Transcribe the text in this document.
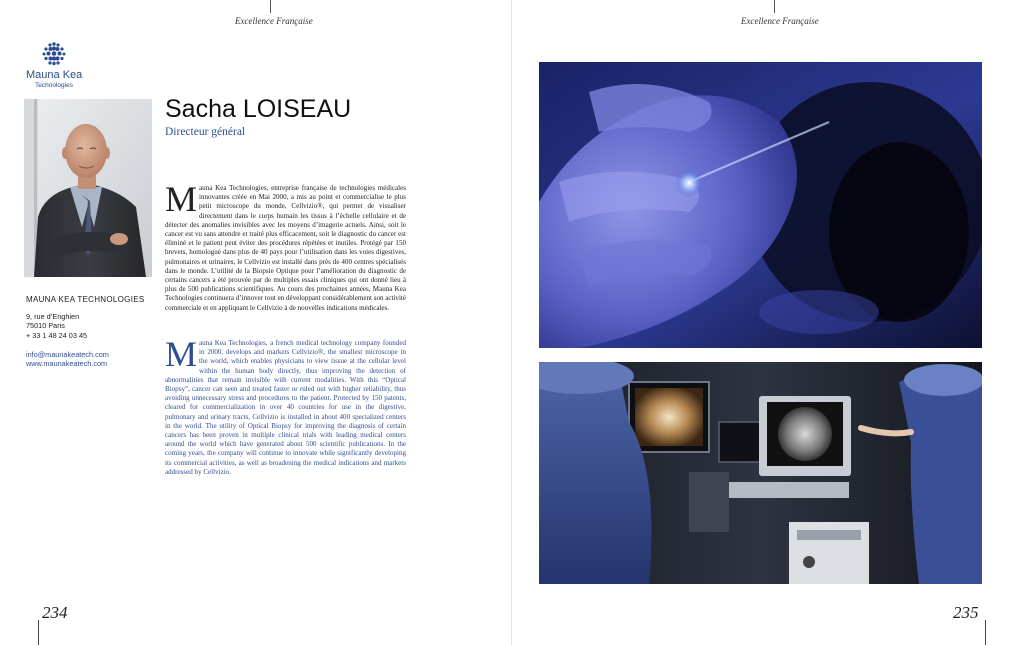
Excellence Française
Mauna Kea
Technologies
Sacha LOISEAU
Directeur général
MAUNA KEA TECHNOLOGIES
9, rue d’Enghien
75010 Paris
+ 33 1 48 24 03 45
info@maunakeatech.com
www.maunakeatech.com

Mauna Kea Technologies, entreprise française de technologies médicales innovantes créée en Mai 2000, a mis au point et commercialise le plus petit microscope du monde, Cellvizio®, qui permet de visualiser directement dans le corps humain les tissus à l’échelle cellulaire et de détecter des anomalies invisibles avec les moyens d’imagerie actuels. Ainsi, soit le cancer est vu sans attendre et traité plus efficacement, soit le diagnostic du cancer est éliminé et le patient peut éviter des procédures répétées et inutiles. Protégé par 150 brevets, homologué dans plus de 40 pays pour l’utilisation dans les voies digestives, pulmonaires et urinaires, le Cellvizio est installé dans près de 400 centres spécialisés dans le monde. L’utilité de la Biopsie Optique pour l’amélioration du diagnostic de certains cancers a été prouvée par de multiples essais cliniques qui ont donné lieu à plus de 500 publications scientifiques. Au cours des prochaines années, Mauna Kea Technologies continuera d’innover tout en développant considérablement son activité commerciale et en appliquant le Cellvizio à de nouvelles indications médicales.

Mauna Kea Technologies, a french medical technology company founded in 2000, develops and markets Cellvizio®, the smallest microscope in the world, which enables physicians to view tissue at the cellular level within the human body directly, thus improving the detection of abnormalities that remain invisible with current modalities. With this “Optical Biopsy”, cancer can seen and treated faster or ruled out with higher reliability, thus avoiding unnecessary stress and procedures to the patient. Protected by 150 patents, cleared for commercialization in over 40 countries for use in the digestive, pulmonary and urinary tracts, Cellvizio is installed in about 400 specialized centers in the world. The utility of Optical Biopsy for improving the diagnosis of certain cancers has been proven in multiple clinical trials with leading medical centers around the world which have generated about 500 scientific publications. In the coming years, the company will continue to innovate while significantly developing its commercial activities, as well as broadening the medical indications and markets addressed by Cellvizio.

234
Excellence Française
235
